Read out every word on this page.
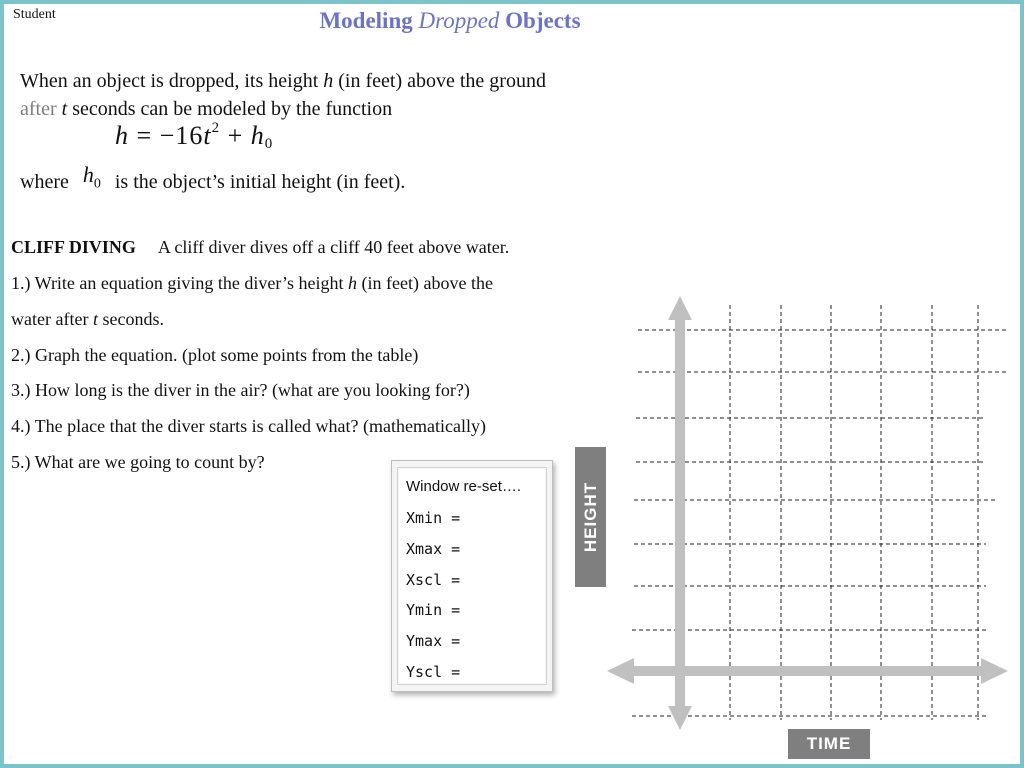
Student	Modeling Dropped Objects
When an object is dropped, its height h (in feet) above the ground after t seconds can be modeled by the function
$h = -16t^2 + h_0$
where $h_0$ is the object’s initial height (in feet).
CLIFF DIVING A cliff diver dives off a cliff 40 feet above water.
1.) Write an equation giving the diver’s height h (in feet) above the
water after t seconds.
2.) Graph the equation. (plot some points from the table)
3.) How long is the diver in the air? (what are you looking for?)
4.) The place that the diver starts is called what? (mathematically)
5.) What are we going to count by?
Window re-set….
Xmin =
Xmax =
Xscl =
Ymin =
Ymax =
Yscl =
HEIGHT
TIME
